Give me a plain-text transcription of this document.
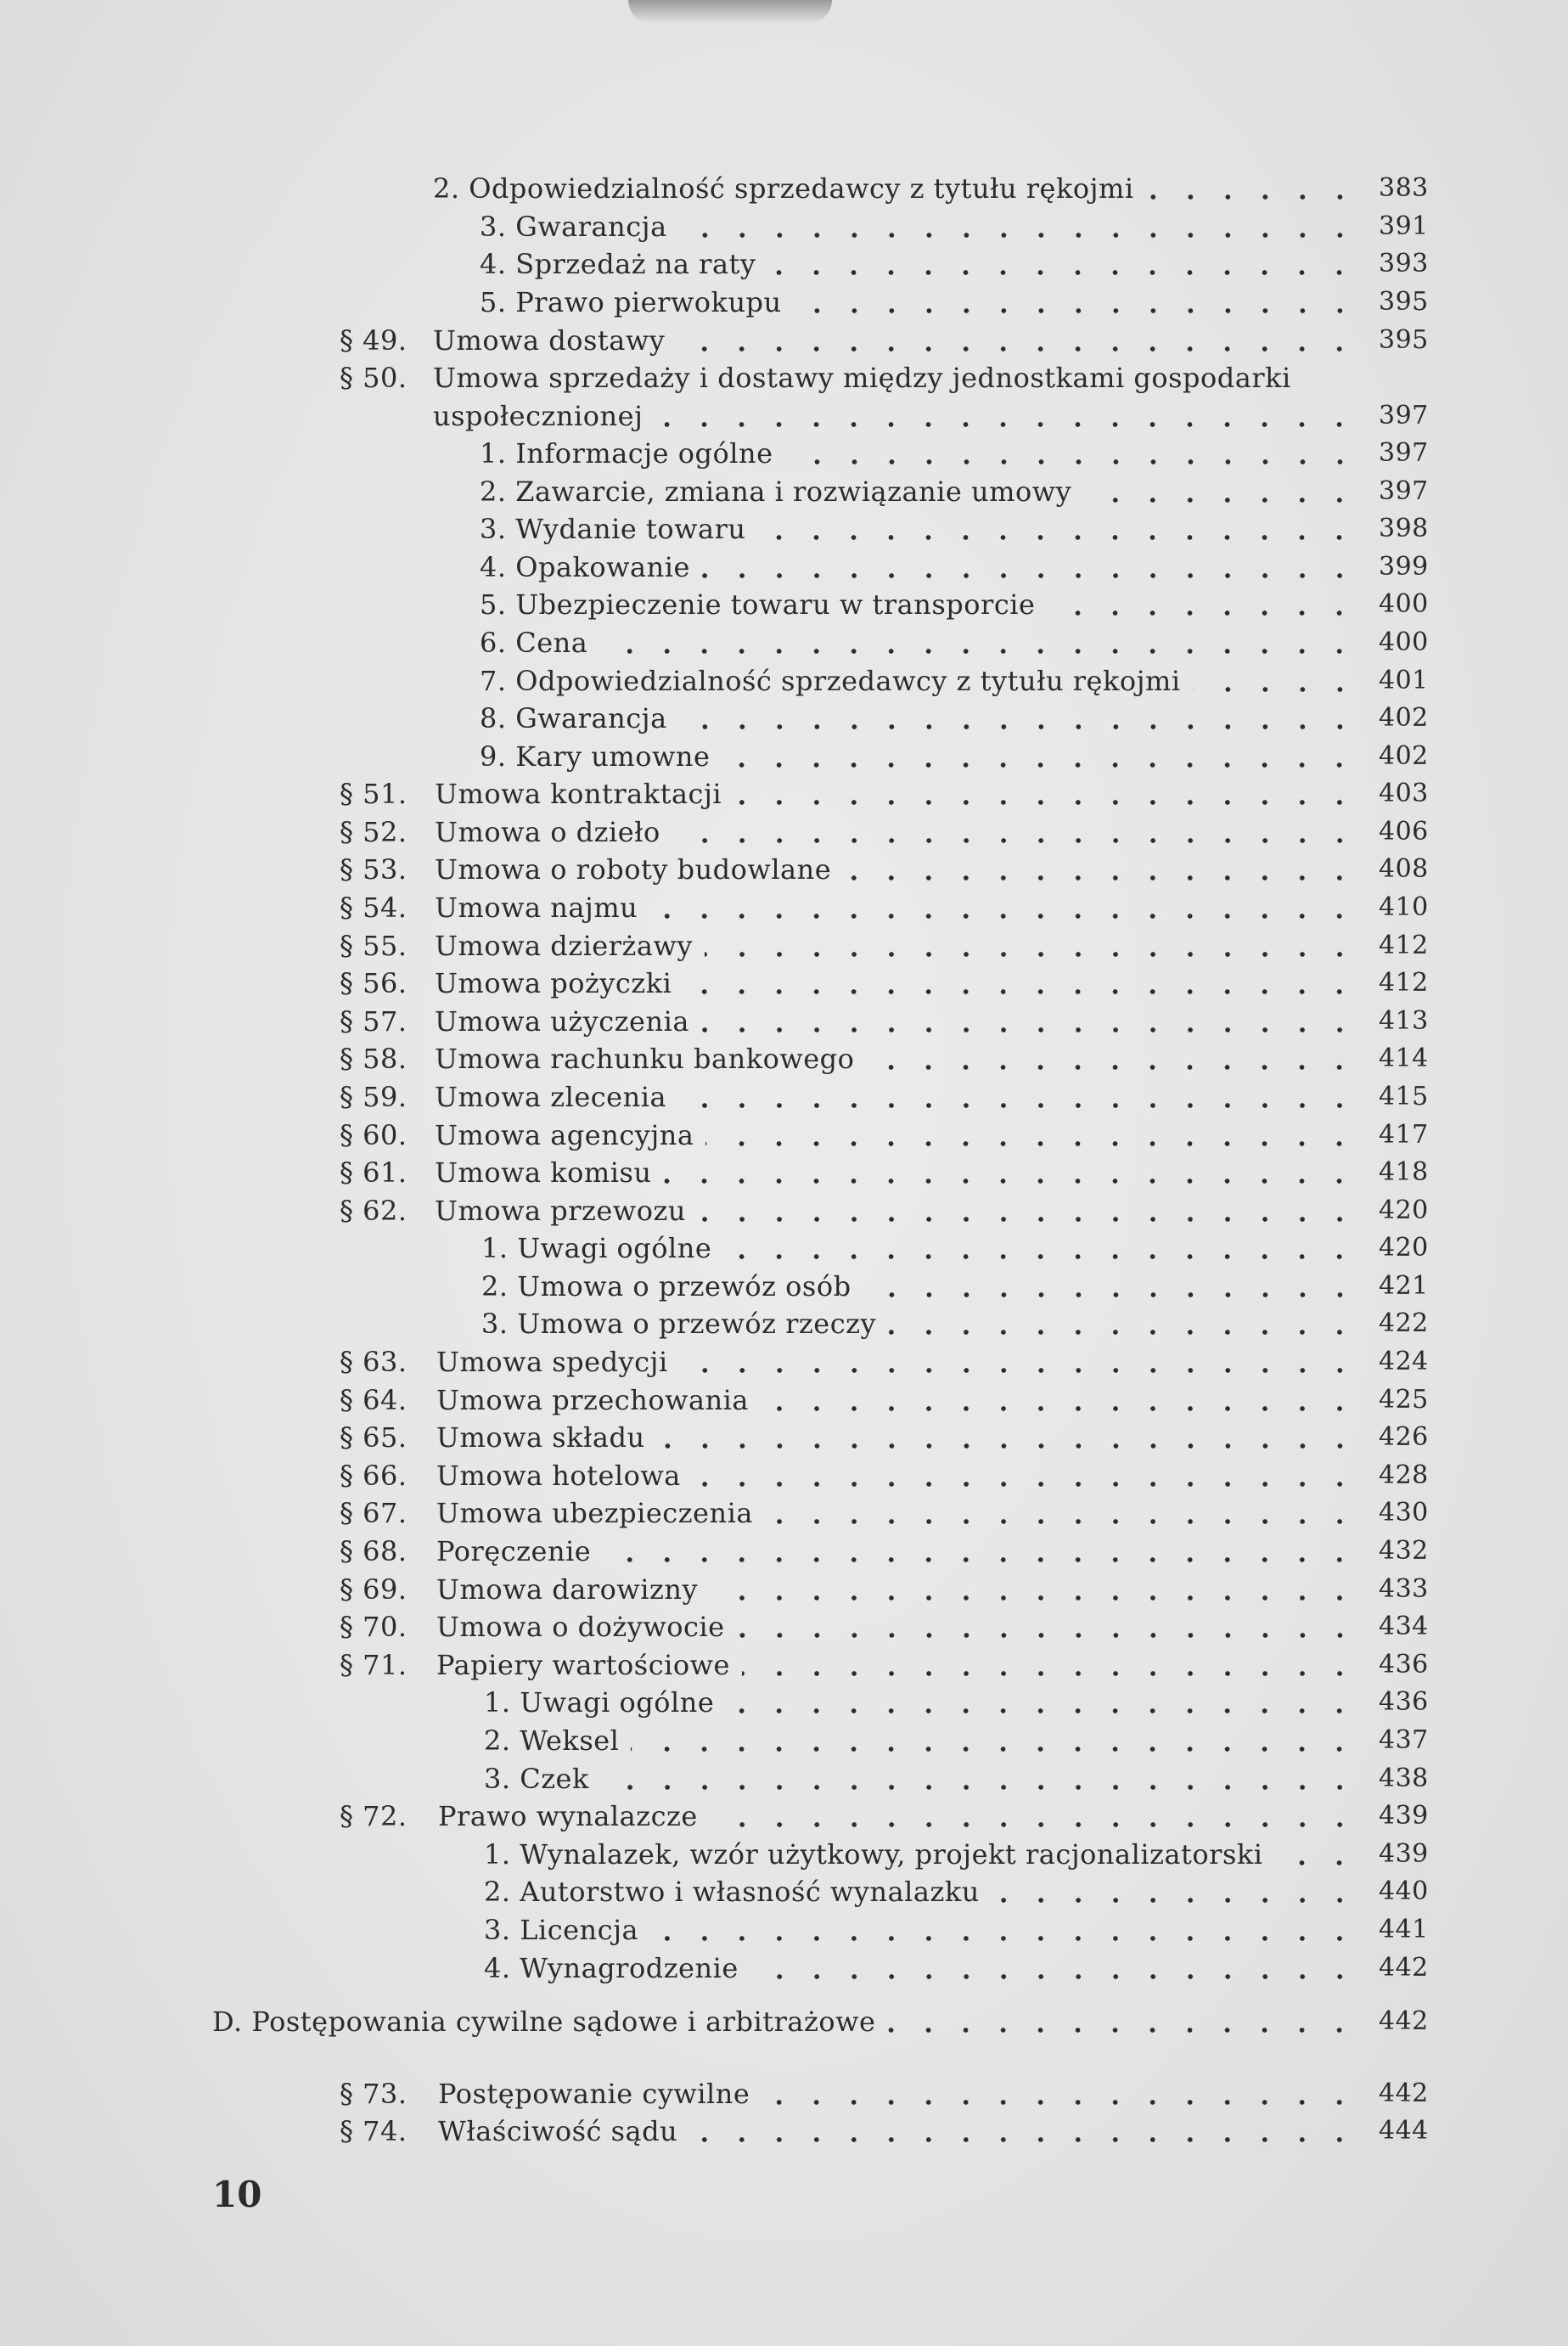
2. Odpowiedzialność sprzedawcy z tytułu rękojmi	383
3. Gwarancja	391
4. Sprzedaż na raty	393
5. Prawo pierwokupu	395
§ 49. Umowa dostawy	395
§ 50. Umowa sprzedaży i dostawy między jednostkami gospodarki
uspołecznionej	397
1. Informacje ogólne	397
2. Zawarcie, zmiana i rozwiązanie umowy	397
3. Wydanie towaru	398
4. Opakowanie	399
5. Ubezpieczenie towaru w transporcie	400
6. Cena	400
7. Odpowiedzialność sprzedawcy z tytułu rękojmi	401
8. Gwarancja	402
9. Kary umowne	402
§ 51.	Umowa kontraktacji	403
§ 52.	Umowa o dzieło	406
§ 53.	Umowa o roboty budowlane	408
§ 54.	Umowa najmu	410
§ 55.	Umowa dzierżawy	412
§ 56.	Umowa pożyczki	412
§ 57.	Umowa użyczenia	413
§ 58.	Umowa rachunku bankowego	414
§ 59.	Umowa zlecenia	415
§ 60.	Umowa agencyjna	417
§ 61.	Umowa komisu	418
§ 62.	Umowa przewozu	420
1. Uwagi ogólne	420
2. Umowa o przewóz osób	421
3. Umowa o przewóz rzeczy	422
§ 63.	Umowa spedycji	424
§ 64.	Umowa przechowania	425
§ 65.	Umowa składu	426
§ 66.	Umowa hotelowa	428
§ 67.	Umowa ubezpieczenia	430
§ 68.	Poręczenie	432
§ 69.	Umowa darowizny	433
§ 70.	Umowa o dożywocie	434
§ 71.	Papiery wartościowe	436
1. Uwagi ogólne	436
2. Weksel	437
3. Czek	438
§ 72.	Prawo wynalazcze	439
1. Wynalazek, wzór użytkowy, projekt racjonalizatorski	439
2. Autorstwo i własność wynalazku	440
3. Licencja	441
4. Wynagrodzenie	442
D. Postępowania cywilne sądowe i arbitrażowe	442
§ 73.	Postępowanie cywilne	442
§ 74.	Właściwość sądu	444
10
